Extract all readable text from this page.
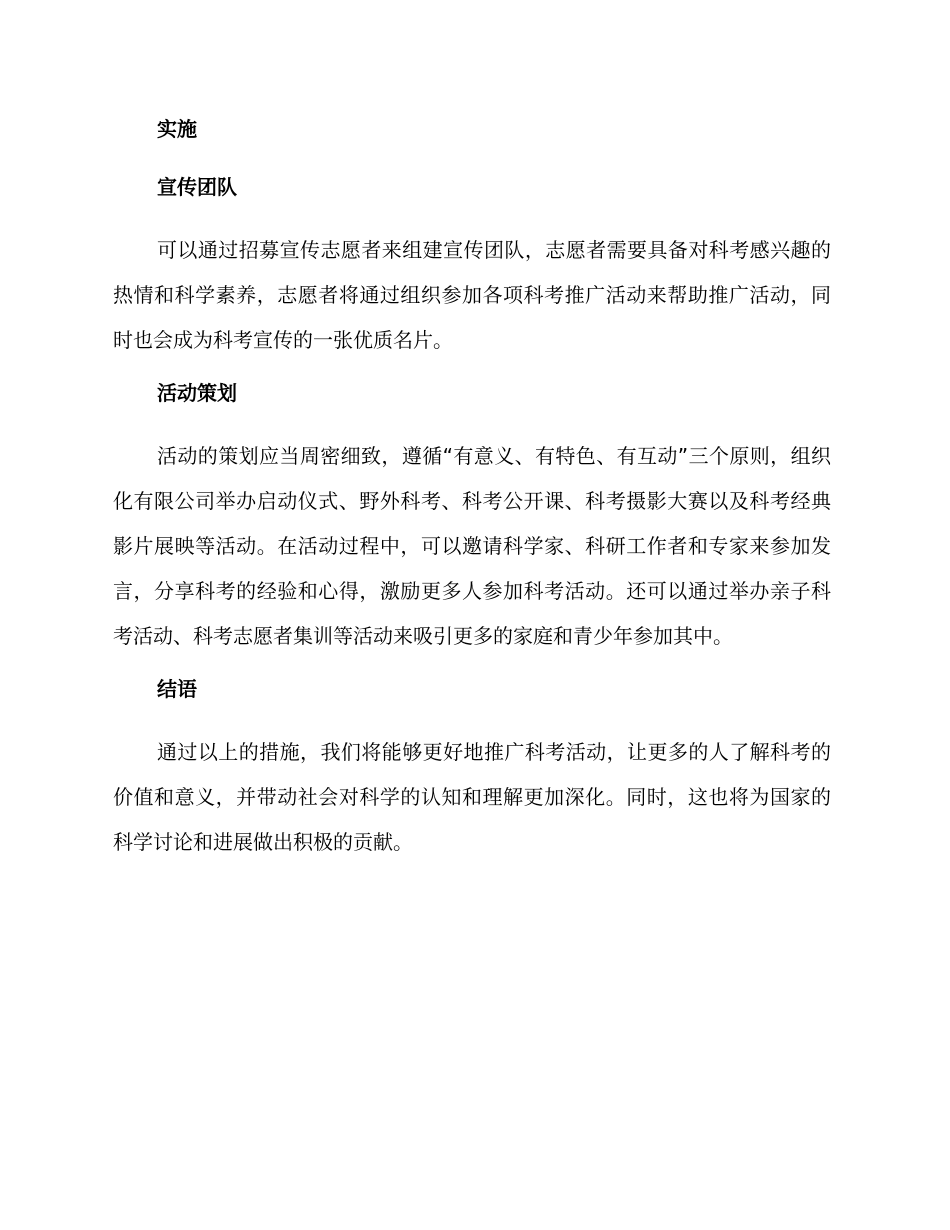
实施
宣传团队

可以通过招募宣传志愿者来组建宣传团队，志愿者需要具备对科考感兴趣的热情和科学素养，志愿者将通过组织参加各项科考推广活动来帮助推广活动，同时也会成为科考宣传的一张优质名片。

活动策划

活动的策划应当周密细致，遵循“有意义、有特色、有互动”三个原则，组织化有限公司举办启动仪式、野外科考、科考公开课、科考摄影大赛以及科考经典影片展映等活动。在活动过程中，可以邀请科学家、科研工作者和专家来参加发言，分享科考的经验和心得，激励更多人参加科考活动。还可以通过举办亲子科考活动、科考志愿者集训等活动来吸引更多的家庭和青少年参加其中。

结语

通过以上的措施，我们将能够更好地推广科考活动，让更多的人了解科考的价值和意义，并带动社会对科学的认知和理解更加深化。同时，这也将为国家的科学讨论和进展做出积极的贡献。
